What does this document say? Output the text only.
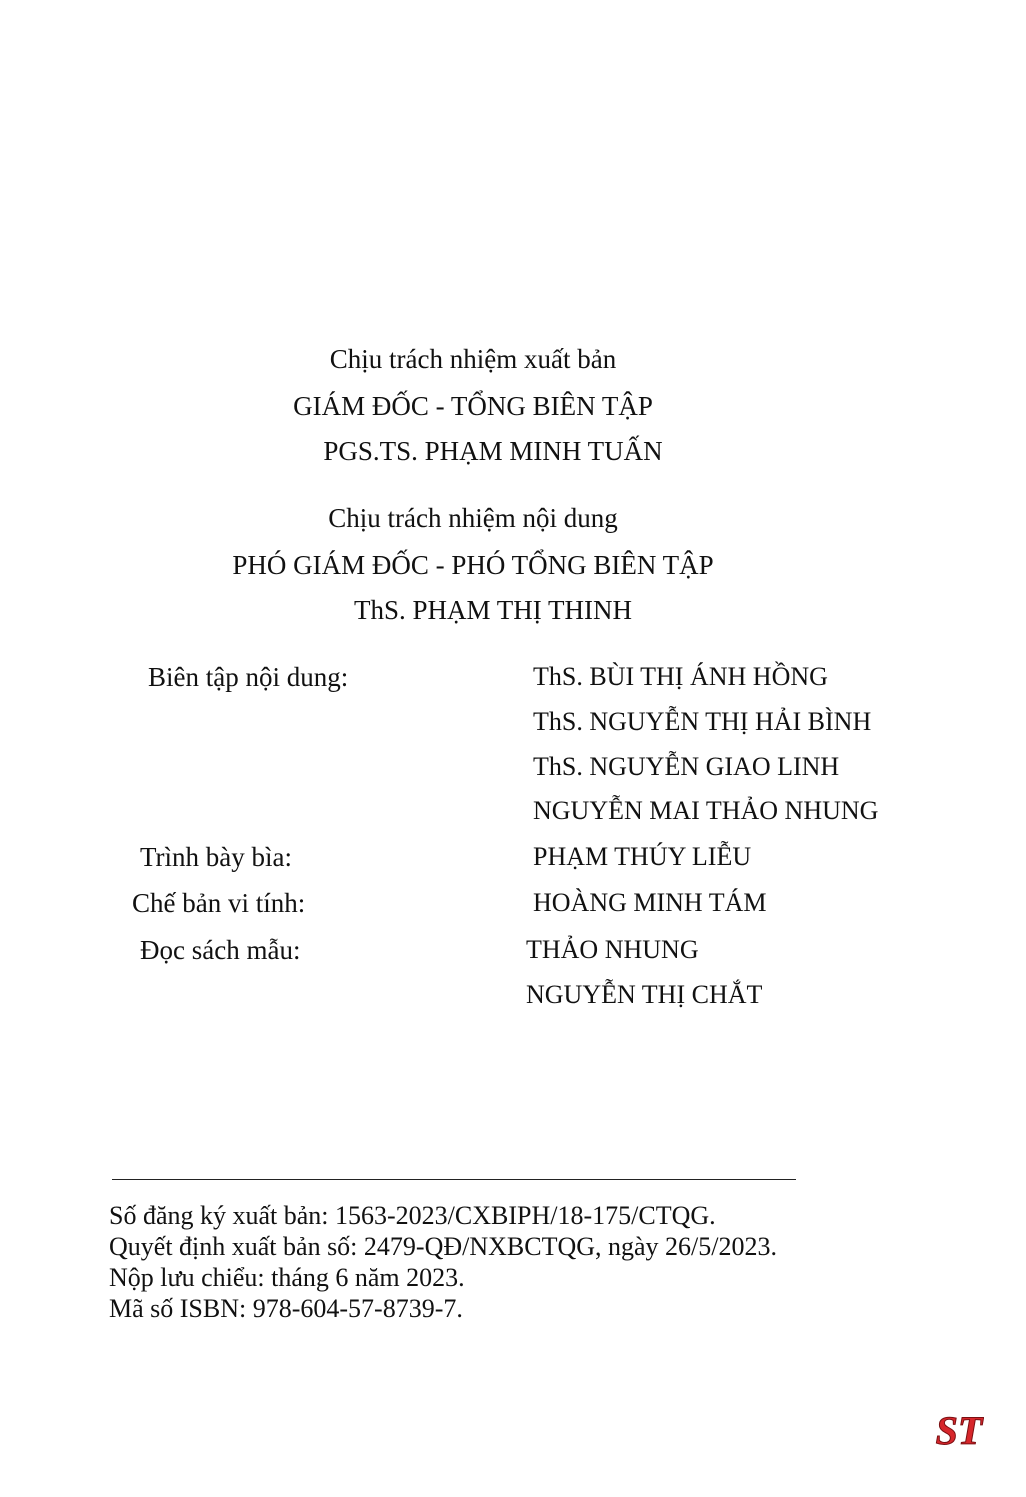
Chịu trách nhiệm xuất bản
GIÁM ĐỐC - TỔNG BIÊN TẬP
PGS.TS. PHẠM MINH TUẤN
Chịu trách nhiệm nội dung
PHÓ GIÁM ĐỐC - PHÓ TỔNG BIÊN TẬP
ThS. PHẠM THỊ THINH
Biên tập nội dung:	ThS. BÙI THỊ ÁNH HỒNG
ThS. NGUYỄN THỊ HẢI BÌNH
ThS. NGUYỄN GIAO LINH
NGUYỄN MAI THẢO NHUNG
Trình bày bìa:	PHẠM THÚY LIỄU
Chế bản vi tính:	HOÀNG MINH TÁM
Đọc sách mẫu:	THẢO NHUNG
NGUYỄN THỊ CHẮT
Số đăng ký xuất bản: 1563-2023/CXBIPH/18-175/CTQG.
Quyết định xuất bản số: 2479-QĐ/NXBCTQG, ngày 26/5/2023.
Nộp lưu chiểu: tháng 6 năm 2023.
Mã số ISBN: 978-604-57-8739-7.
ST
